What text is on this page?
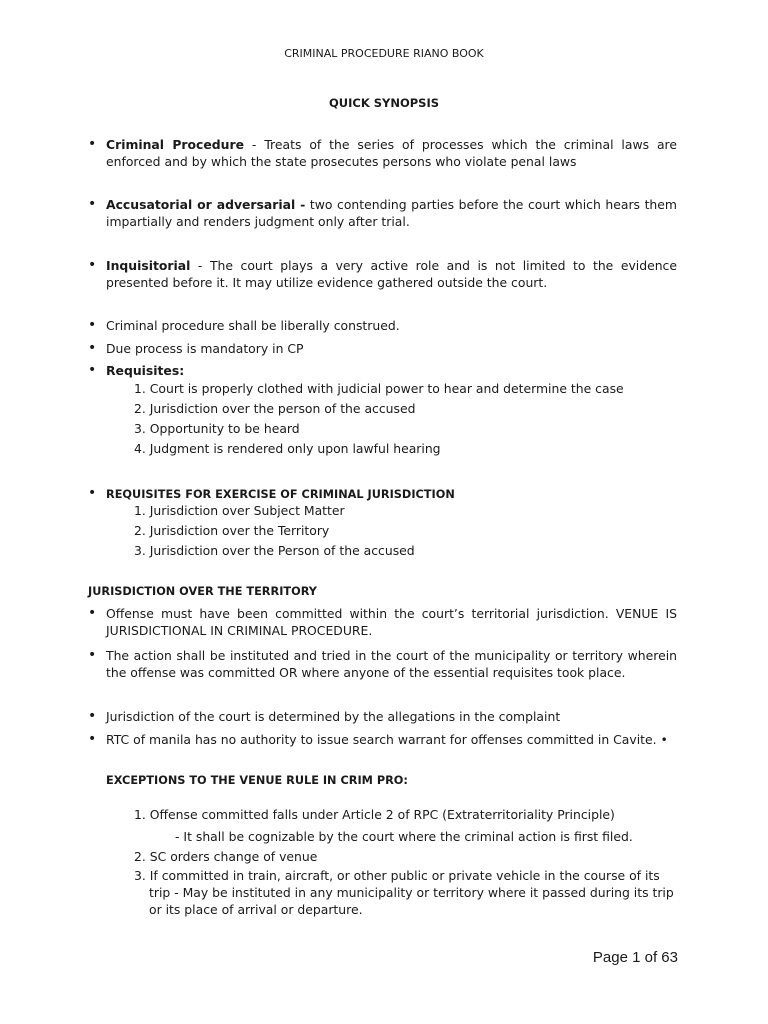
CRIMINAL PROCEDURE RIANO BOOK
QUICK SYNOPSIS
• Criminal Procedure - Treats of the series of processes which the criminal laws are enforced and by which the state prosecutes persons who violate penal laws
• Accusatorial or adversarial - two contending parties before the court which hears them impartially and renders judgment only after trial.
• Inquisitorial - The court plays a very active role and is not limited to the evidence presented before it. It may utilize evidence gathered outside the court.
• Criminal procedure shall be liberally construed.
• Due process is mandatory in CP
• Requisites:
1. Court is properly clothed with judicial power to hear and determine the case
2. Jurisdiction over the person of the accused
3. Opportunity to be heard
4. Judgment is rendered only upon lawful hearing
• REQUISITES FOR EXERCISE OF CRIMINAL JURISDICTION
1. Jurisdiction over Subject Matter
2. Jurisdiction over the Territory
3. Jurisdiction over the Person of the accused
JURISDICTION OVER THE TERRITORY
• Offense must have been committed within the court’s territorial jurisdiction. VENUE IS JURISDICTIONAL IN CRIMINAL PROCEDURE.
• The action shall be instituted and tried in the court of the municipality or territory wherein the offense was committed OR where anyone of the essential requisites took place.
• Jurisdiction of the court is determined by the allegations in the complaint
• RTC of manila has no authority to issue search warrant for offenses committed in Cavite. •
EXCEPTIONS TO THE VENUE RULE IN CRIM PRO:
1. Offense committed falls under Article 2 of RPC (Extraterritoriality Principle)
- It shall be cognizable by the court where the criminal action is first filed.
2. SC orders change of venue
3. If committed in train, aircraft, or other public or private vehicle in the course of its trip - May be instituted in any municipality or territory where it passed during its trip or its place of arrival or departure.
Page 1 of 63
